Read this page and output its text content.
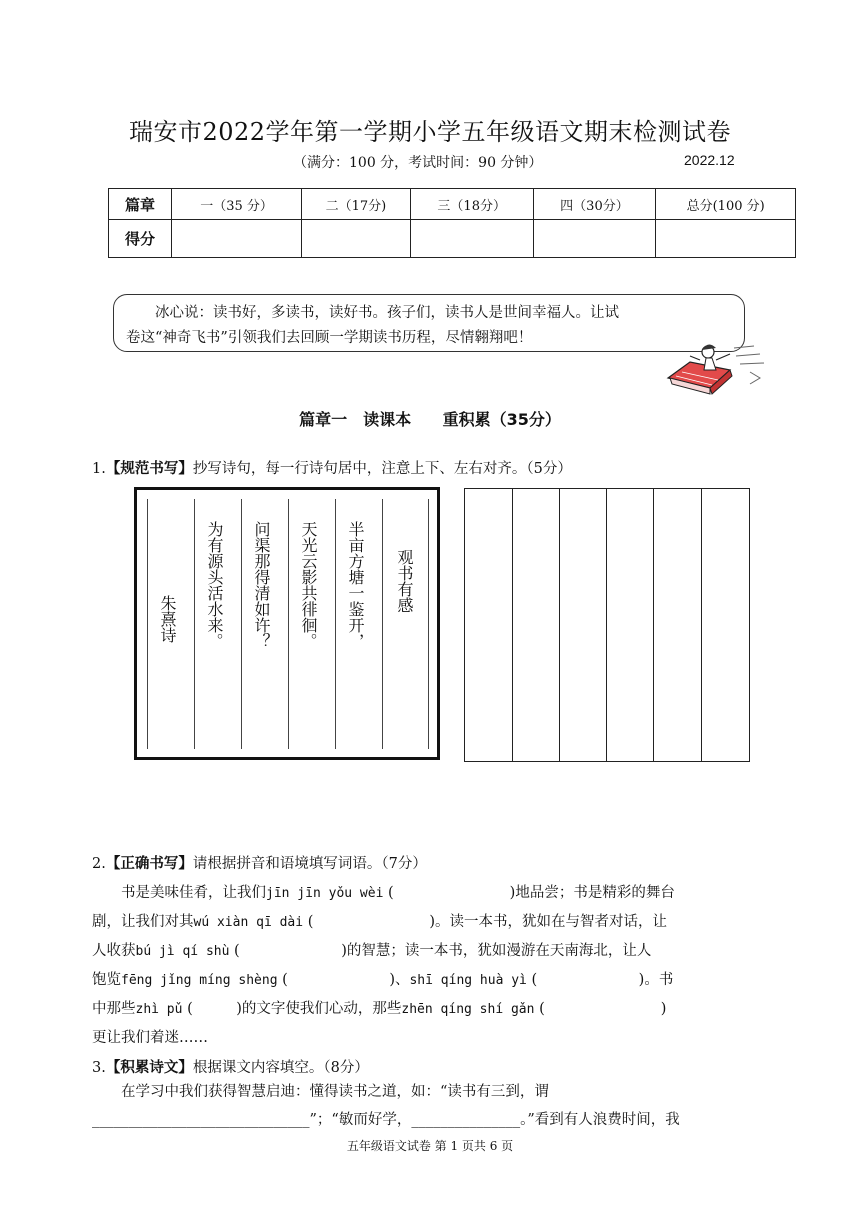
瑞安市2022学年第一学期小学五年级语文期末检测试卷
（满分：100 分，考试时间：90 分钟）	2022.12
篇章	一（35 分）	二（17分)	三（18分）	四（30分）	总分(100 分)
得分					

冰心说：读书好，多读书，读好书。孩子们，读书人是世间幸福人。让试

卷这“神奇飞书”引领我们去回顾一学期读书历程，尽情翱翔吧！
篇章一　读课本　 重积累（35分）
1.【规范书写】抄写诗句，每一行诗句居中，注意上下、左右对齐。（5分）
朱熹诗 为有源头活水来。 问渠那得清如许？ 天光云影共徘徊。 半亩方塘一鉴开， 观书有感
2.【正确书写】请根据拼音和语境填写词语。（7分）

书是美味佳肴，让我们jīn jīn yǒu wèi (　　　　　　　　)地品尝；书是精彩的舞台

剧，让我们对其wú xiàn qī dài (　　　　　　　　)。读一本书，犹如在与智者对话，让

人收获bú jì qí shù (　　　　　　　)的智慧；读一本书，犹如漫游在天南海北，让人

饱览fēng jǐng míng shèng (　　　　　　　)、shī qíng huà yì (　　　　　　　)。书

中那些zhì pǔ (　　　)的文字使我们心动，那些zhēn qíng shí gǎn (　　　　　　　　)

更让我们着迷……

3.【积累诗文】根据课文内容填空。（8分）

在学习中我们获得智慧启迪：懂得读书之道，如：“读书有三到，谓

______________________________”；“敏而好学，_______________。”看到有人浪费时间，我

五年级语文试卷 第 1 页共 6 页
